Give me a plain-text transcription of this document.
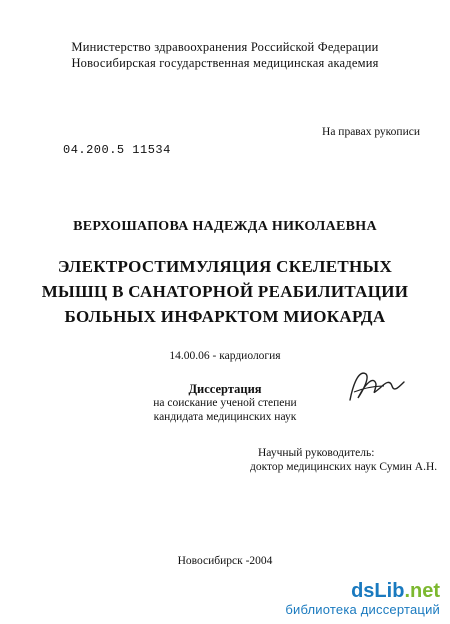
Министерство здравоохранения Российской Федерации
Новосибирская государственная медицинская академия
На правах рукописи
04.200.5 11534
ВЕРХОШАПОВА НАДЕЖДА НИКОЛАЕВНА
ЭЛЕКТРОСТИМУЛЯЦИЯ СКЕЛЕТНЫХ
МЫШЦ В САНАТОРНОЙ РЕАБИЛИТАЦИИ
БОЛЬНЫХ ИНФАРКТОМ МИОКАРДА
14.00.06 - кардиология
Диссертация
на соискание ученой степени
кандидата медицинских наук
Научный руководитель:
доктор медицинских наук Сумин А.Н.
Новосибирск -2004
dsLib.net
библиотека диссертаций
